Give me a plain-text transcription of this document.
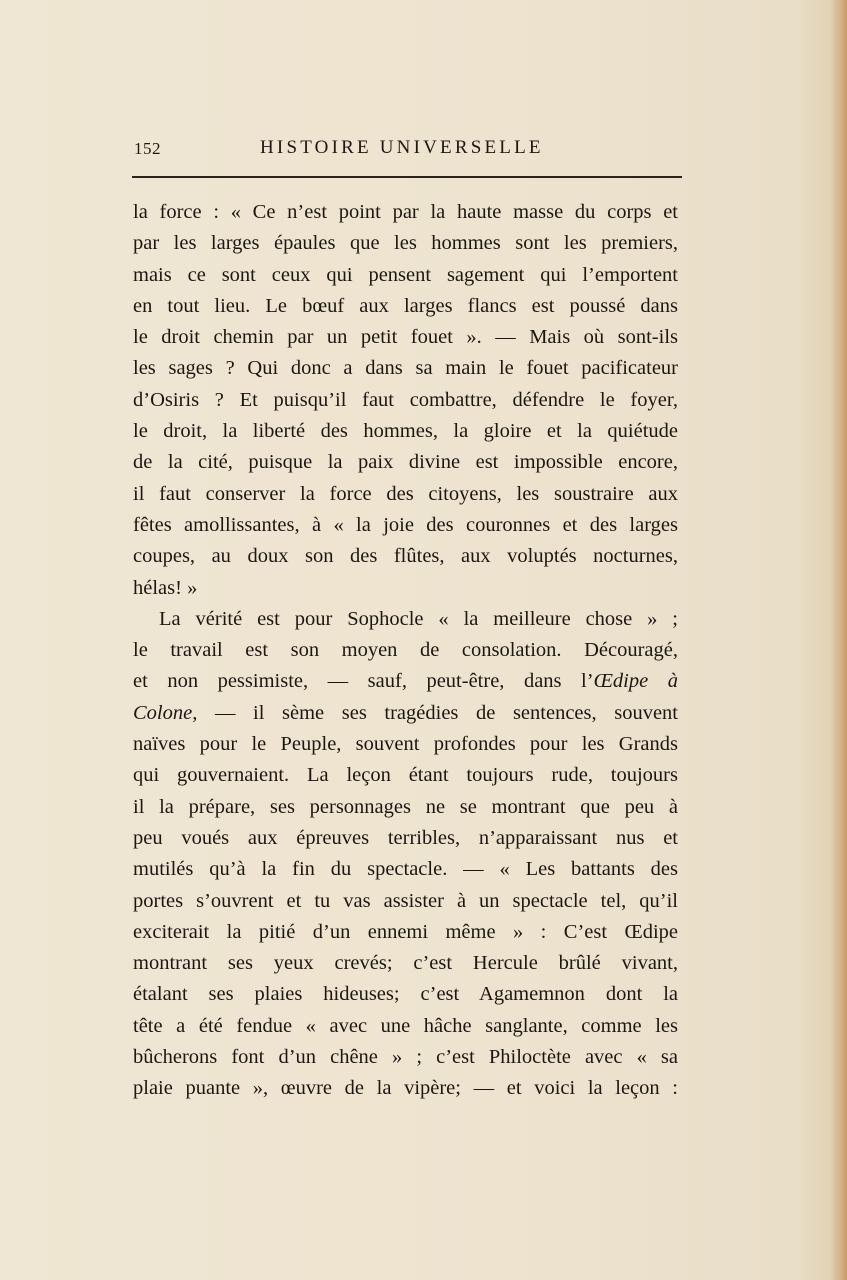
152	HISTOIRE UNIVERSELLE
la force : « Ce n’est point par la haute masse du corps et
par les larges épaules que les hommes sont les premiers,
mais ce sont ceux qui pensent sagement qui l’emportent
en tout lieu. Le bœuf aux larges flancs est poussé dans
le droit chemin par un petit fouet ». — Mais où sont-ils
les sages ? Qui donc a dans sa main le fouet pacificateur
d’Osiris ? Et puisqu’il faut combattre, défendre le foyer,
le droit, la liberté des hommes, la gloire et la quiétude
de la cité, puisque la paix divine est impossible encore,
il faut conserver la force des citoyens, les soustraire aux
fêtes amollissantes, à « la joie des couronnes et des larges
coupes, au doux son des flûtes, aux voluptés nocturnes,
hélas! »
La vérité est pour Sophocle « la meilleure chose » ;
le travail est son moyen de consolation. Découragé,
et non pessimiste, — sauf, peut-être, dans l’Œdipe à
Colone, — il sème ses tragédies de sentences, souvent
naïves pour le Peuple, souvent profondes pour les Grands
qui gouvernaient. La leçon étant toujours rude, toujours
il la prépare, ses personnages ne se montrant que peu à
peu voués aux épreuves terribles, n’apparaissant nus et
mutilés qu’à la fin du spectacle. — « Les battants des
portes s’ouvrent et tu vas assister à un spectacle tel, qu’il
exciterait la pitié d’un ennemi même » : C’est Œdipe
montrant ses yeux crevés; c’est Hercule brûlé vivant,
étalant ses plaies hideuses; c’est Agamemnon dont la
tête a été fendue « avec une hâche sanglante, comme les
bûcherons font d’un chêne » ; c’est Philoctète avec « sa
plaie puante », œuvre de la vipère; — et voici la leçon :
